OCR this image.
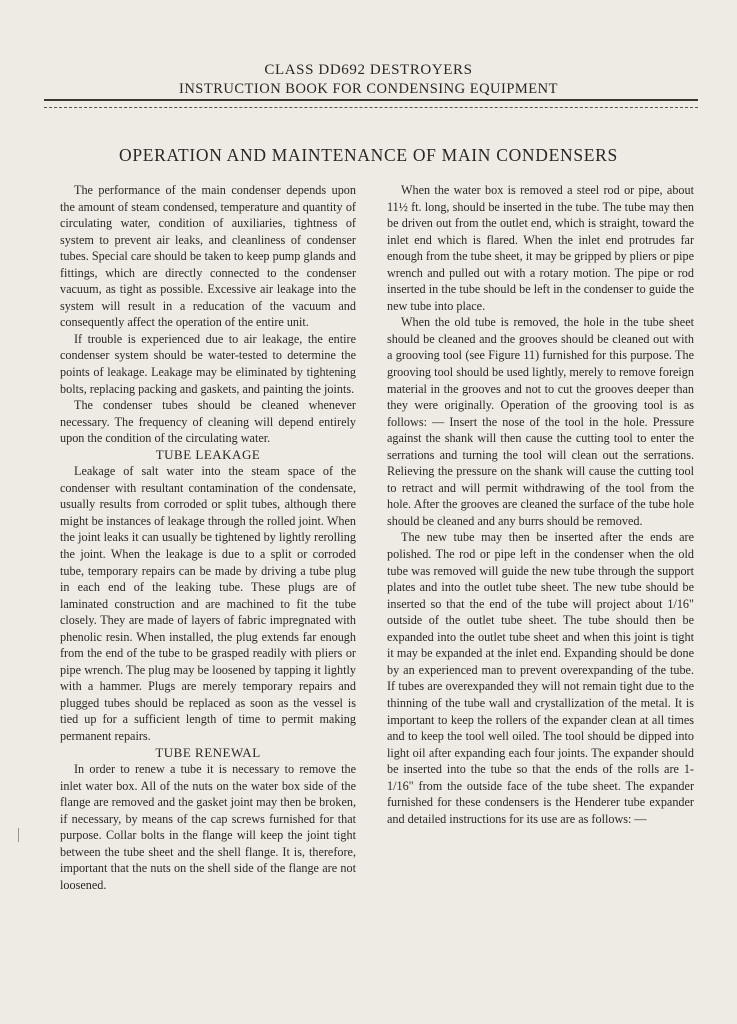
CLASS DD692 DESTROYERS
INSTRUCTION BOOK FOR CONDENSING EQUIPMENT
OPERATION AND MAINTENANCE OF MAIN CONDENSERS

The performance of the main condenser depends upon the amount of steam condensed, temperature and quantity of circulating water, condition of auxiliaries, tightness of system to prevent air leaks, and cleanliness of condenser tubes. Special care should be taken to keep pump glands and fittings, which are directly connected to the condenser vacuum, as tight as possible. Excessive air leakage into the system will result in a reducation of the vacuum and consequently affect the operation of the entire unit.

If trouble is experienced due to air leakage, the entire condenser system should be water-tested to determine the points of leakage. Leakage may be eliminated by tightening bolts, replacing packing and gaskets, and painting the joints.

The condenser tubes should be cleaned whenever necessary. The frequency of cleaning will depend entirely upon the condition of the circulating water.

TUBE LEAKAGE

Leakage of salt water into the steam space of the condenser with resultant contamination of the condensate, usually results from corroded or split tubes, although there might be instances of leakage through the rolled joint. When the joint leaks it can usually be tightened by lightly rerolling the joint. When the leakage is due to a split or corroded tube, temporary repairs can be made by driving a tube plug in each end of the leaking tube. These plugs are of laminated construction and are machined to fit the tube closely. They are made of layers of fabric impregnated with phenolic resin. When installed, the plug extends far enough from the end of the tube to be grasped readily with pliers or pipe wrench. The plug may be loosened by tapping it lightly with a hammer. Plugs are merely temporary repairs and plugged tubes should be replaced as soon as the vessel is tied up for a sufficient length of time to permit making permanent repairs.

TUBE RENEWAL

In order to renew a tube it is necessary to remove the inlet water box. All of the nuts on the water box side of the flange are removed and the gasket joint may then be broken, if necessary, by means of the cap screws furnished for that purpose. Collar bolts in the flange will keep the joint tight between the tube sheet and the shell flange. It is, therefore, important that the nuts on the shell side of the flange are not loosened.

When the water box is removed a steel rod or pipe, about 11½ ft. long, should be inserted in the tube. The tube may then be driven out from the outlet end, which is straight, toward the inlet end which is flared. When the inlet end protrudes far enough from the tube sheet, it may be gripped by pliers or pipe wrench and pulled out with a rotary motion. The pipe or rod inserted in the tube should be left in the condenser to guide the new tube into place.

When the old tube is removed, the hole in the tube sheet should be cleaned and the grooves should be cleaned out with a grooving tool (see Figure 11) furnished for this purpose. The grooving tool should be used lightly, merely to remove foreign material in the grooves and not to cut the grooves deeper than they were originally. Operation of the grooving tool is as follows: — Insert the nose of the tool in the hole. Pressure against the shank will then cause the cutting tool to enter the serrations and turning the tool will clean out the serrations. Relieving the pressure on the shank will cause the cutting tool to retract and will permit withdrawing of the tool from the hole. After the grooves are cleaned the surface of the tube hole should be cleaned and any burrs should be removed.

The new tube may then be inserted after the ends are polished. The rod or pipe left in the condenser when the old tube was removed will guide the new tube through the support plates and into the outlet tube sheet. The new tube should be inserted so that the end of the tube will project about 1/16" outside of the outlet tube sheet. The tube should then be expanded into the outlet tube sheet and when this joint is tight it may be expanded at the inlet end. Expanding should be done by an experienced man to prevent overexpanding of the tube. If tubes are overexpanded they will not remain tight due to the thinning of the tube wall and crystallization of the metal. It is important to keep the rollers of the expander clean at all times and to keep the tool well oiled. The tool should be dipped into light oil after expanding each four joints. The expander should be inserted into the tube so that the ends of the rolls are 1-1/16" from the outside face of the tube sheet. The expander furnished for these condensers is the Henderer tube expander and detailed instructions for its use are as follows: —
